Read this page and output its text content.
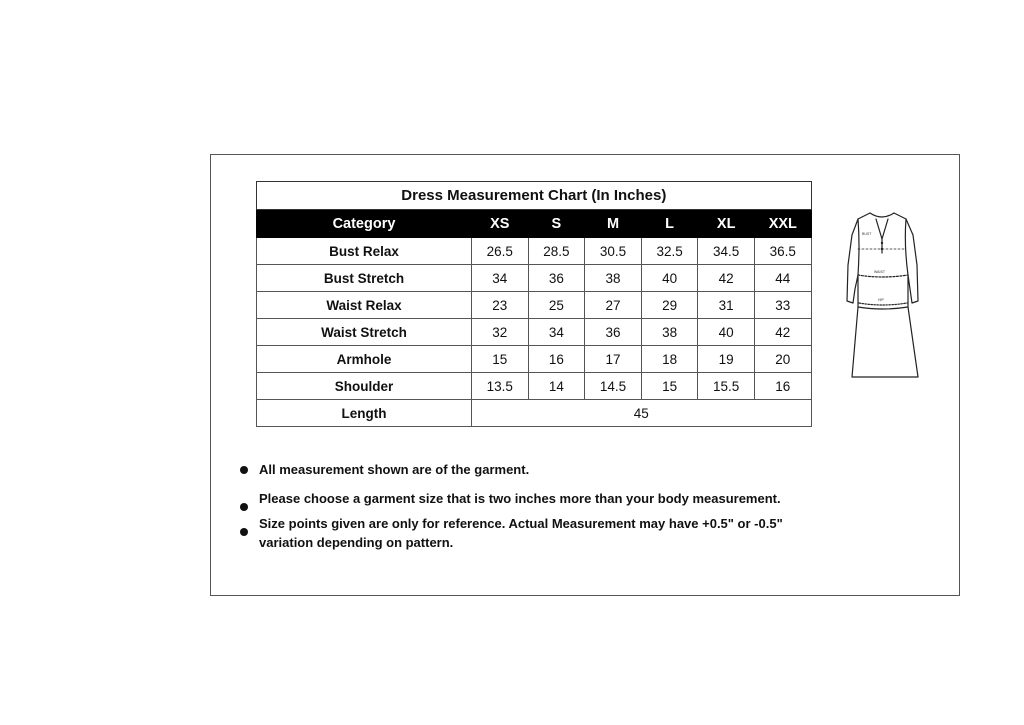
Dress Measurement Chart (In Inches)						
Category	XS	S	M	L	XL	XXL
Bust Relax	26.5	28.5	30.5	32.5	34.5	36.5
Bust Stretch	34	36	38	40	42	44
Waist Relax	23	25	27	29	31	33
Waist Stretch	32	34	36	38	40	42
Armhole	15	16	17	18	19	20
Shoulder	13.5	14	14.5	15	15.5	16
Length	45					
BUST
WAIST
HIP
All measurement shown are of the garment.
Please choose a garment size that is two inches more than your body measurement.
Size points given are only for reference. Actual Measurement may have +0.5" or -0.5" variation depending on pattern.
